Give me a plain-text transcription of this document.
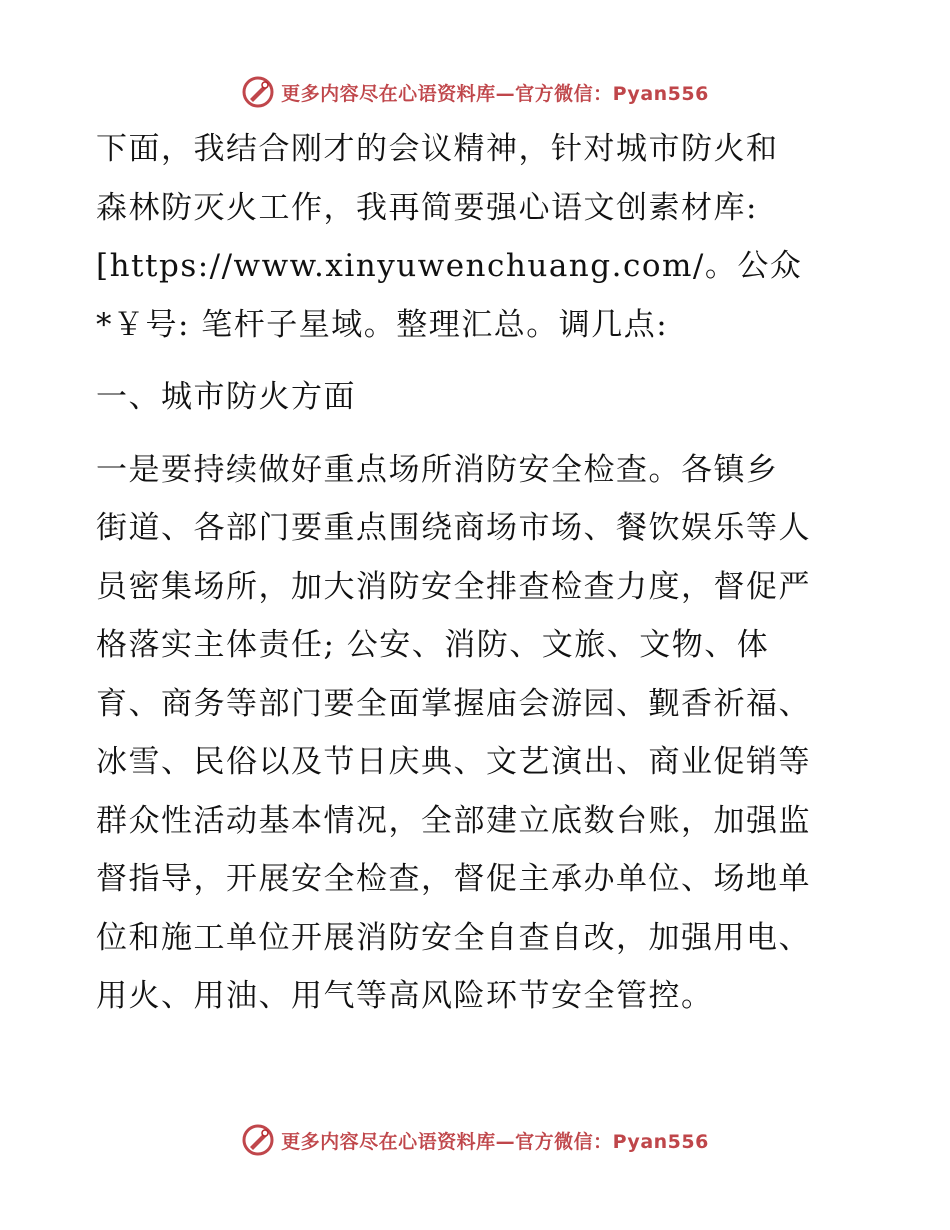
更多内容尽在心语资料库—官方微信：Pyan556
下面，我结合刚才的会议精神，针对城市防火和
森林防灭火工作，我再简要强心语文创素材库:
[https://www.xinyuwenchuang.com/。公众
*￥号: 笔杆子星域。整理汇总。调几点:
一、城市防火方面
一是要持续做好重点场所消防安全检查。各镇乡
街道、各部门要重点围绕商场市场、餐饮娱乐等人
员密集场所，加大消防安全排查检查力度，督促严
格落实主体责任; 公安、消防、文旅、文物、体
育、商务等部门要全面掌握庙会游园、觐香祈福、
冰雪、民俗以及节日庆典、文艺演出、商业促销等
群众性活动基本情况，全部建立底数台账，加强监
督指导，开展安全检查，督促主承办单位、场地单
位和施工单位开展消防安全自查自改，加强用电、
用火、用油、用气等高风险环节安全管控。
更多内容尽在心语资料库—官方微信：Pyan556
